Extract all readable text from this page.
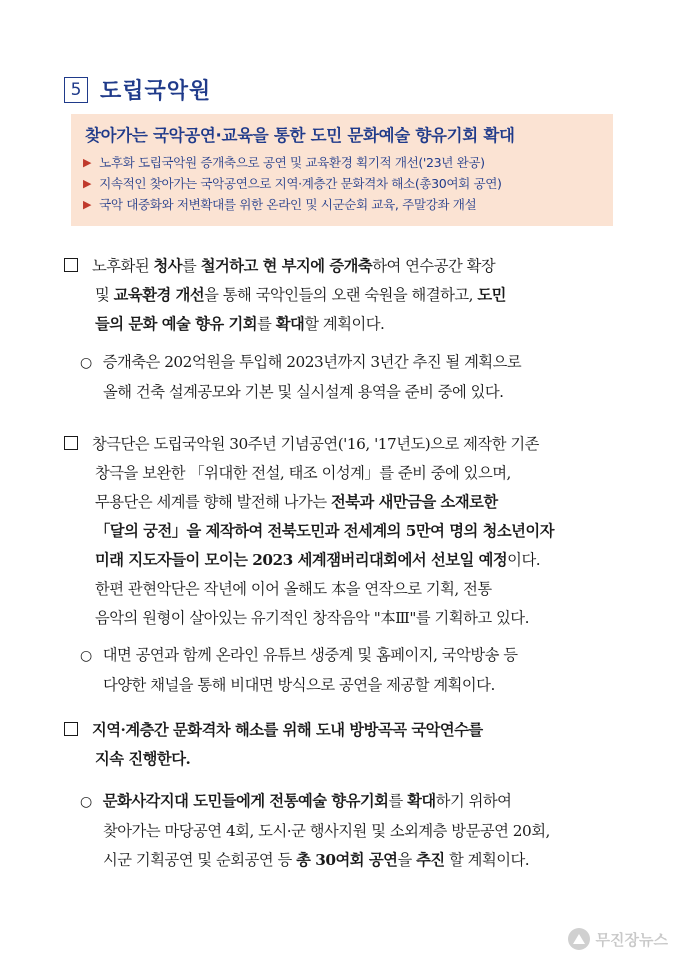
5 도립국악원
찾아가는 국악공연·교육을 통한 도민 문화예술 향유기회 확대
▶ 노후화 도립국악원 증개축으로 공연 및 교육환경 획기적 개선('23년 완공)
▶ 지속적인 찾아가는 국악공연으로 지역·계층간 문화격차 해소(총30여회 공연)
▶ 국악 대중화와 저변확대를 위한 온라인 및 시군순회 교육, 주말강좌 개설
노후화된 청사를 철거하고 현 부지에 증개축하여 연수공간 확장
및 교육환경 개선을 통해 국악인들의 오랜 숙원을 해결하고, 도민
들의 문화 예술 향유 기회를 확대할 계획이다.
○ 증개축은 202억원을 투입해 2023년까지 3년간 추진 될 계획으로
올해 건축 설계공모와 기본 및 실시설계 용역을 준비 중에 있다.
창극단은 도립국악원 30주년 기념공연('16, '17년도)으로 제작한 기존
창극을 보완한 「위대한 전설, 태조 이성계」를 준비 중에 있으며,
무용단은 세계를 향해 발전해 나가는 전북과 새만금을 소재로한
「달의 궁전」을 제작하여 전북도민과 전세계의 5만여 명의 청소년이자
미래 지도자들이 모이는 2023 세계잼버리대회에서 선보일 예정이다.
한편 관현악단은 작년에 이어 올해도 本을 연작으로 기획, 전통
음악의 원형이 살아있는 유기적인 창작음악 "本Ⅲ"를 기획하고 있다.
○ 대면 공연과 함께 온라인 유튜브 생중계 및 홈페이지, 국악방송 등
다양한 채널을 통해 비대면 방식으로 공연을 제공할 계획이다.
지역·계층간 문화격차 해소를 위해 도내 방방곡곡 국악연수를
지속 진행한다.
○ 문화사각지대 도민들에게 전통예술 향유기회를 확대하기 위하여
찾아가는 마당공연 4회, 도시·군 행사지원 및 소외계층 방문공연 20회,
시군 기획공연 및 순회공연 등 총 30여회 공연을 추진 할 계획이다.
무진장뉴스
